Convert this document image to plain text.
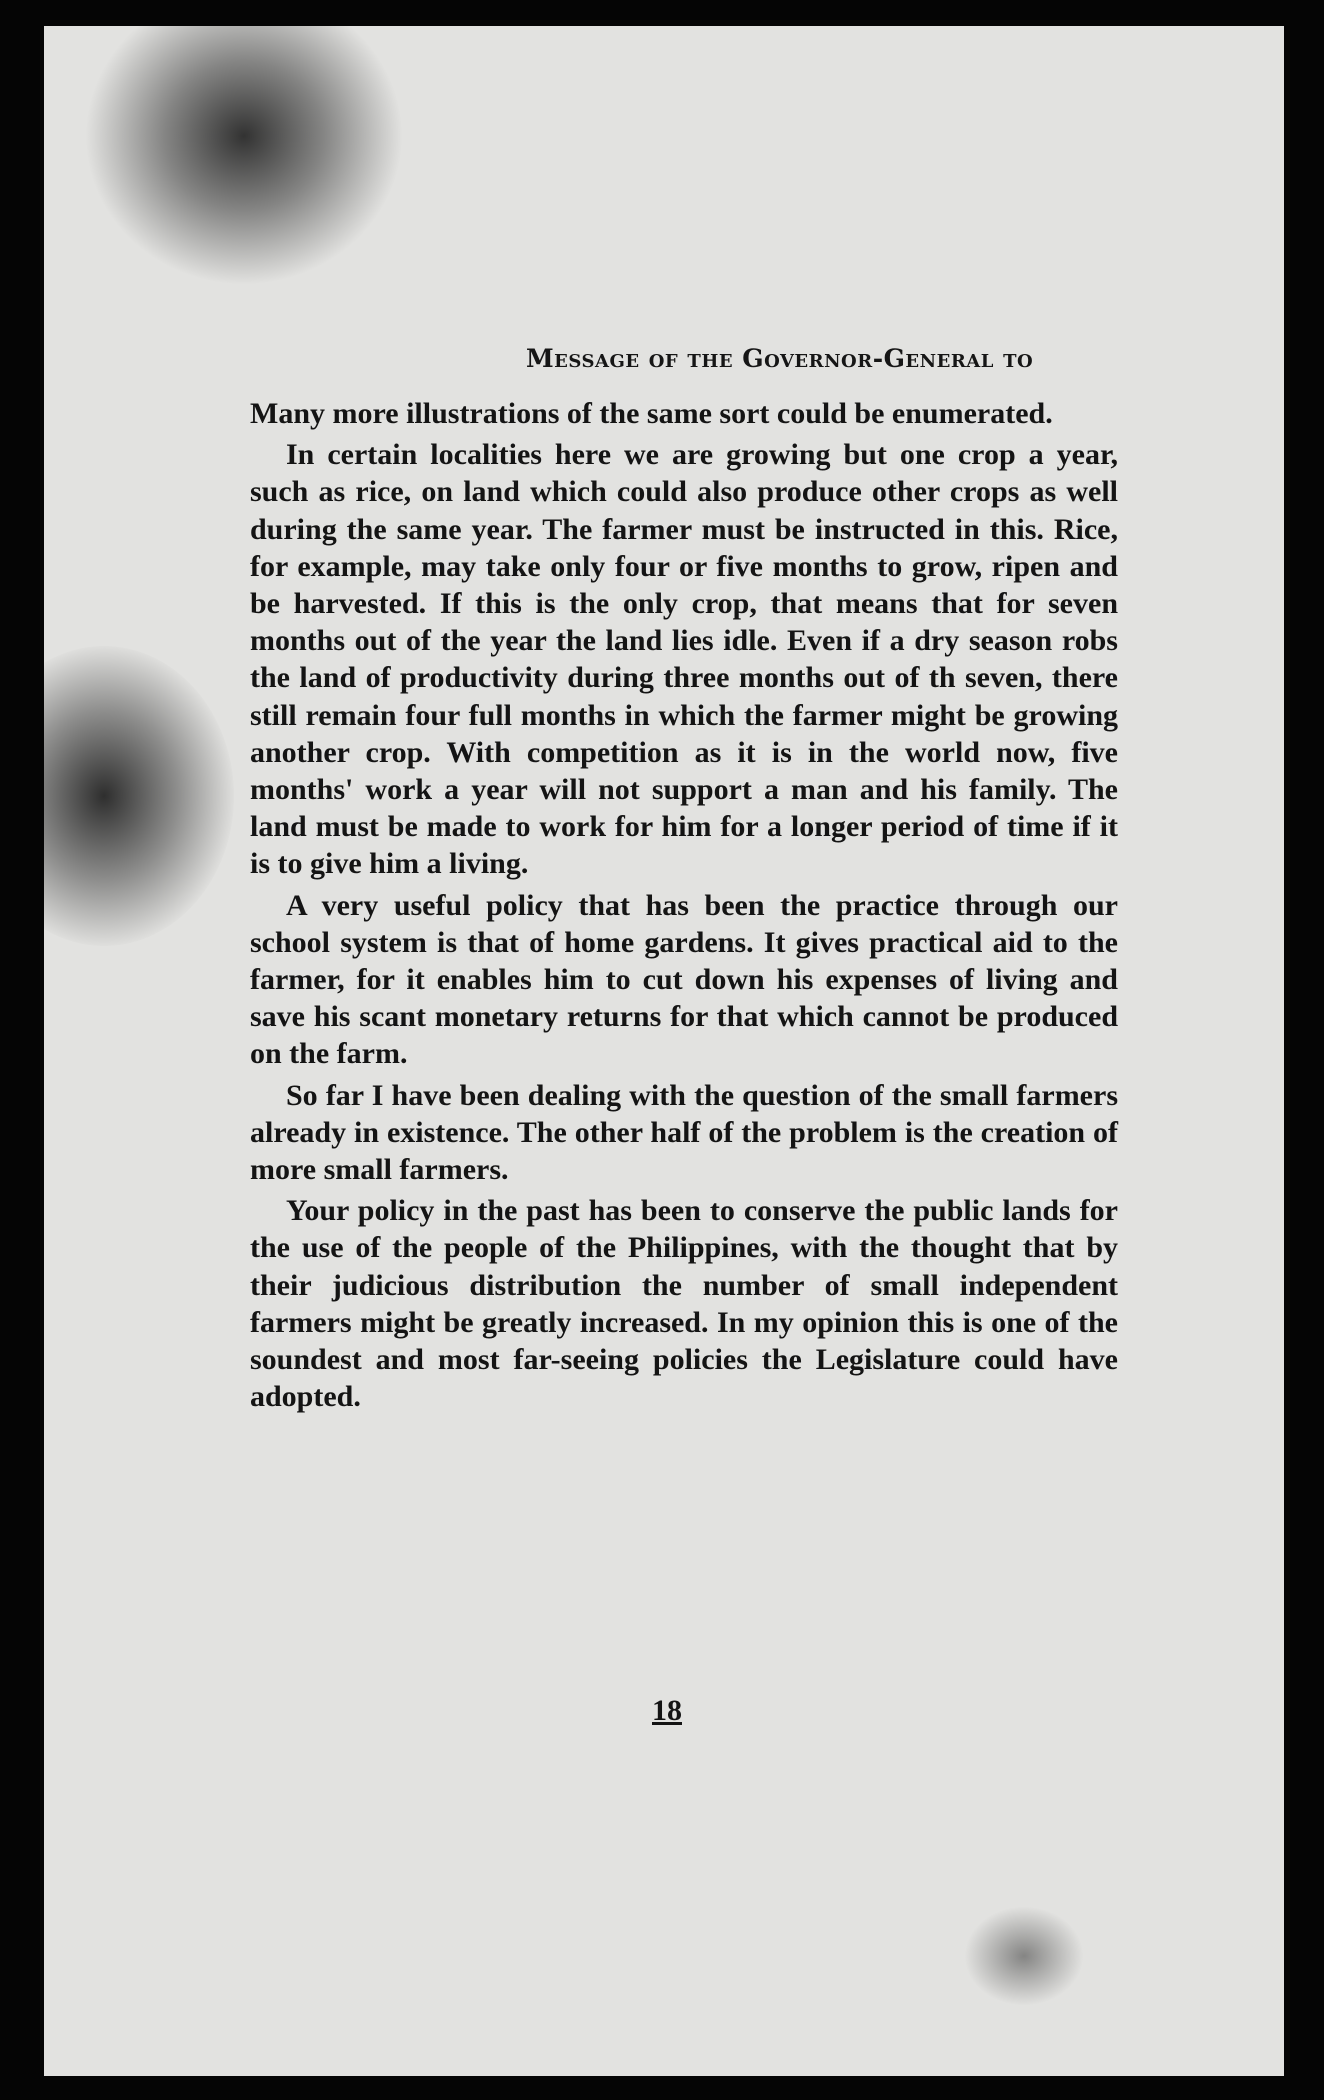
Message of the Governor-General to

Many more illustrations of the same sort could be enumerated.

In certain localities here we are growing but one crop a year, such as rice, on land which could also produce other crops as well during the same year. The farmer must be instructed in this. Rice, for example, may take only four or five months to grow, ripen and be harvested. If this is the only crop, that means that for seven months out of the year the land lies idle. Even if a dry season robs the land of productivity during three months out of th seven, there still remain four full months in which the farmer might be growing another crop. With competition as it is in the world now, five months' work a year will not support a man and his family. The land must be made to work for him for a longer period of time if it is to give him a living.

A very useful policy that has been the practice through our school system is that of home gardens. It gives practical aid to the farmer, for it enables him to cut down his expenses of living and save his scant monetary returns for that which cannot be produced on the farm.

So far I have been dealing with the question of the small farmers already in existence. The other half of the problem is the creation of more small farmers.

Your policy in the past has been to conserve the public lands for the use of the people of the Philippines, with the thought that by their judicious distribution the number of small independent farmers might be greatly increased. In my opinion this is one of the soundest and most far-seeing policies the Legislature could have adopted.

18
